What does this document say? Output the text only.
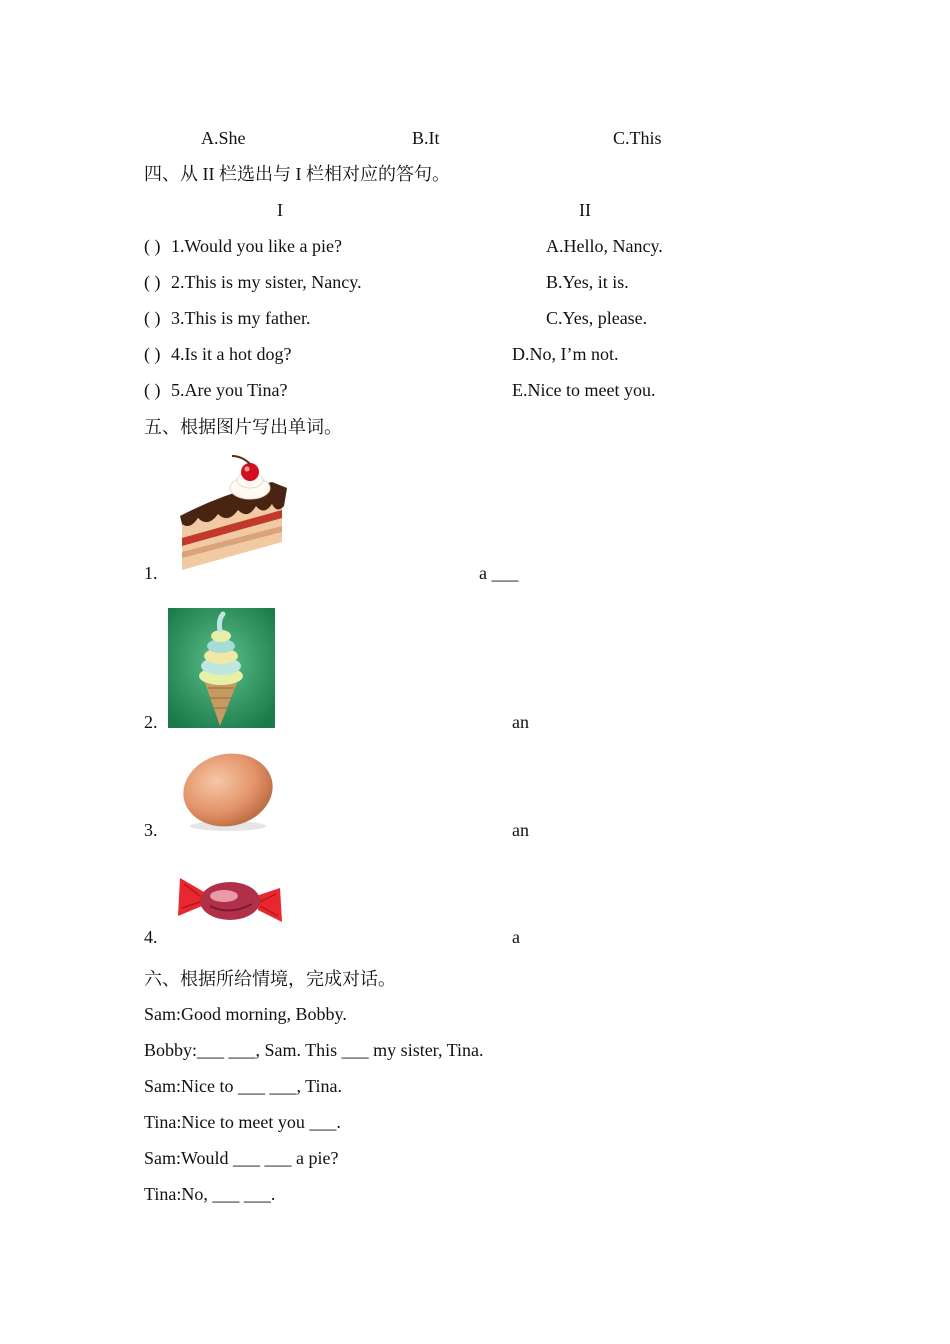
A.She	B.It	C.This
四、从 II 栏选出与 I 栏相对应的答句。
I	II
( ) 1.Would you like a pie?	A.Hello, Nancy.
( ) 2.This is my sister, Nancy.	B.Yes, it is.
( ) 3.This is my father.	C.Yes, please.
( ) 4.Is it a hot dog?	D.No, I’m not.
( ) 5.Are you Tina?	E.Nice to meet you.
五、根据图片写出单词。
1.	a ___
2.	an
3.	an
4.	a
六、根据所给情境，完成对话。
Sam:Good morning, Bobby.
Bobby:___ ___, Sam. This ___ my sister, Tina.
Sam:Nice to ___ ___, Tina.
Tina:Nice to meet you ___.
Sam:Would ___ ___ a pie?
Tina:No, ___ ___.
